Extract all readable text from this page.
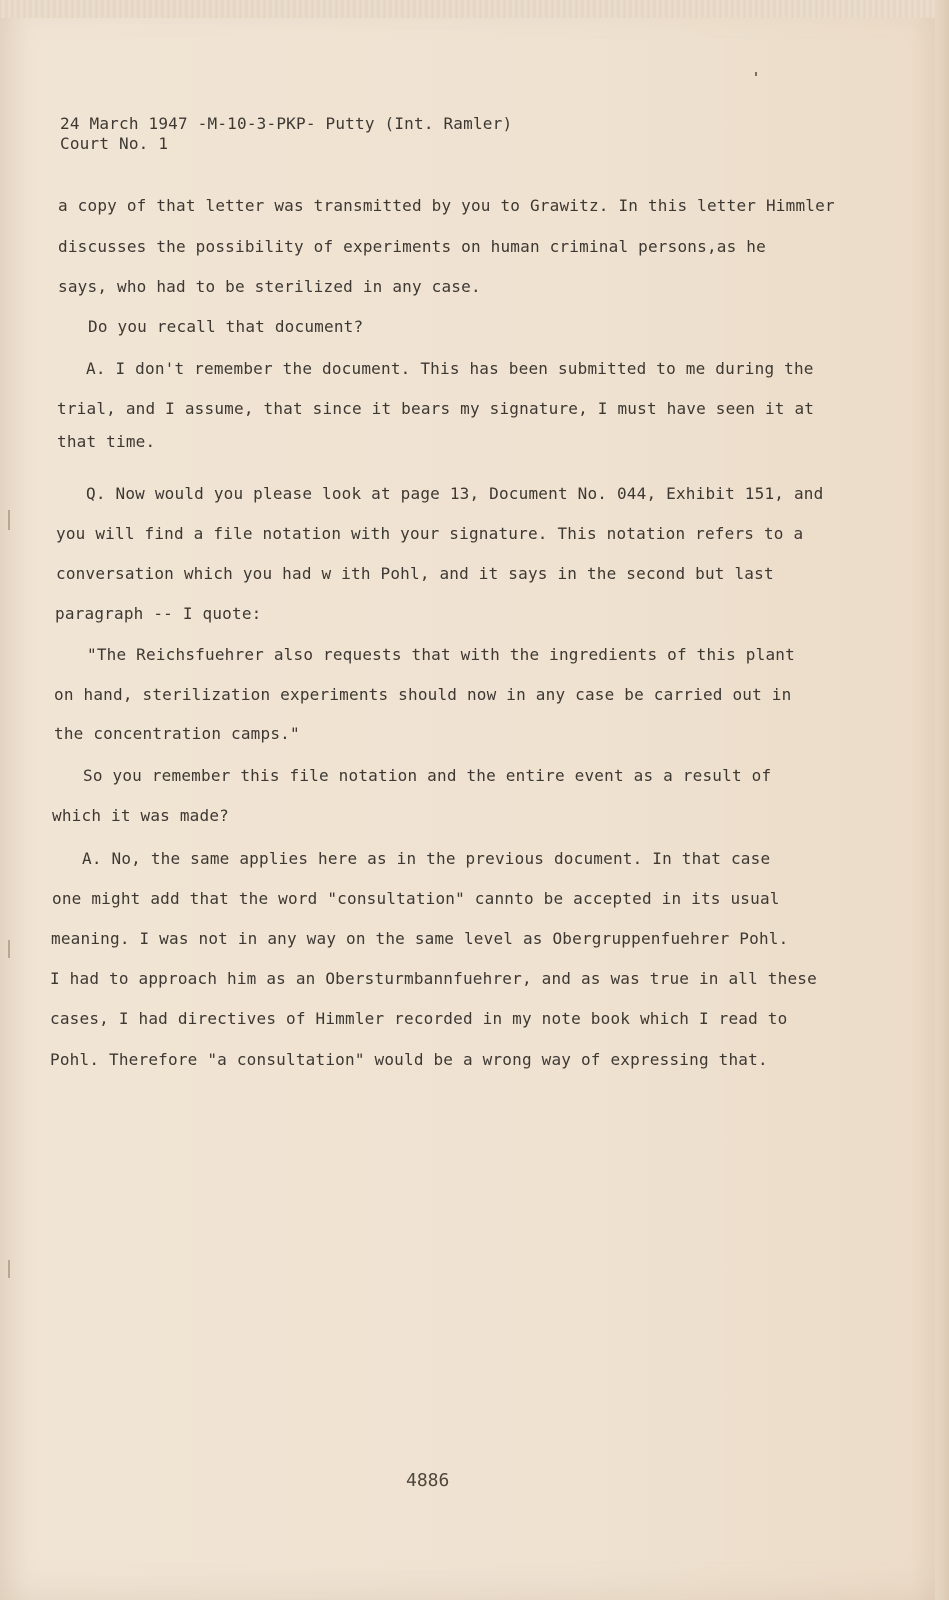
24 March 1947 -M-10-3-PKP- Putty (Int. Ramler)
Court No. 1
a copy of that letter was transmitted by you to Grawitz. In this letter Himmler
discusses the possibility of experiments on human criminal persons,as he
says, who had to be sterilized in any case.
Do you recall that document?
A. I don't remember the document. This has been submitted to me during the
trial, and I assume, that since it bears my signature, I must have seen it at
that time.
Q. Now would you please look at page 13, Document No. 044, Exhibit 151, and
you will find a file notation with your signature. This notation refers to a
conversation which you had w ith Pohl, and it says in the second but last
paragraph -- I quote:
"The Reichsfuehrer also requests that with the ingredients of this plant
on hand, sterilization experiments should now in any case be carried out in
the concentration camps."
So you remember this file notation and the entire event as a result of
which it was made?
A. No, the same applies here as in the previous document. In that case
one might add that the word "consultation" cannto be accepted in its usual
meaning. I was not in any way on the same level as Obergruppenfuehrer Pohl.
I had to approach him as an Obersturmbannfuehrer, and as was true in all these
cases, I had directives of Himmler recorded in my note book which I read to
Pohl. Therefore "a consultation" would be a wrong way of expressing that.
4886
